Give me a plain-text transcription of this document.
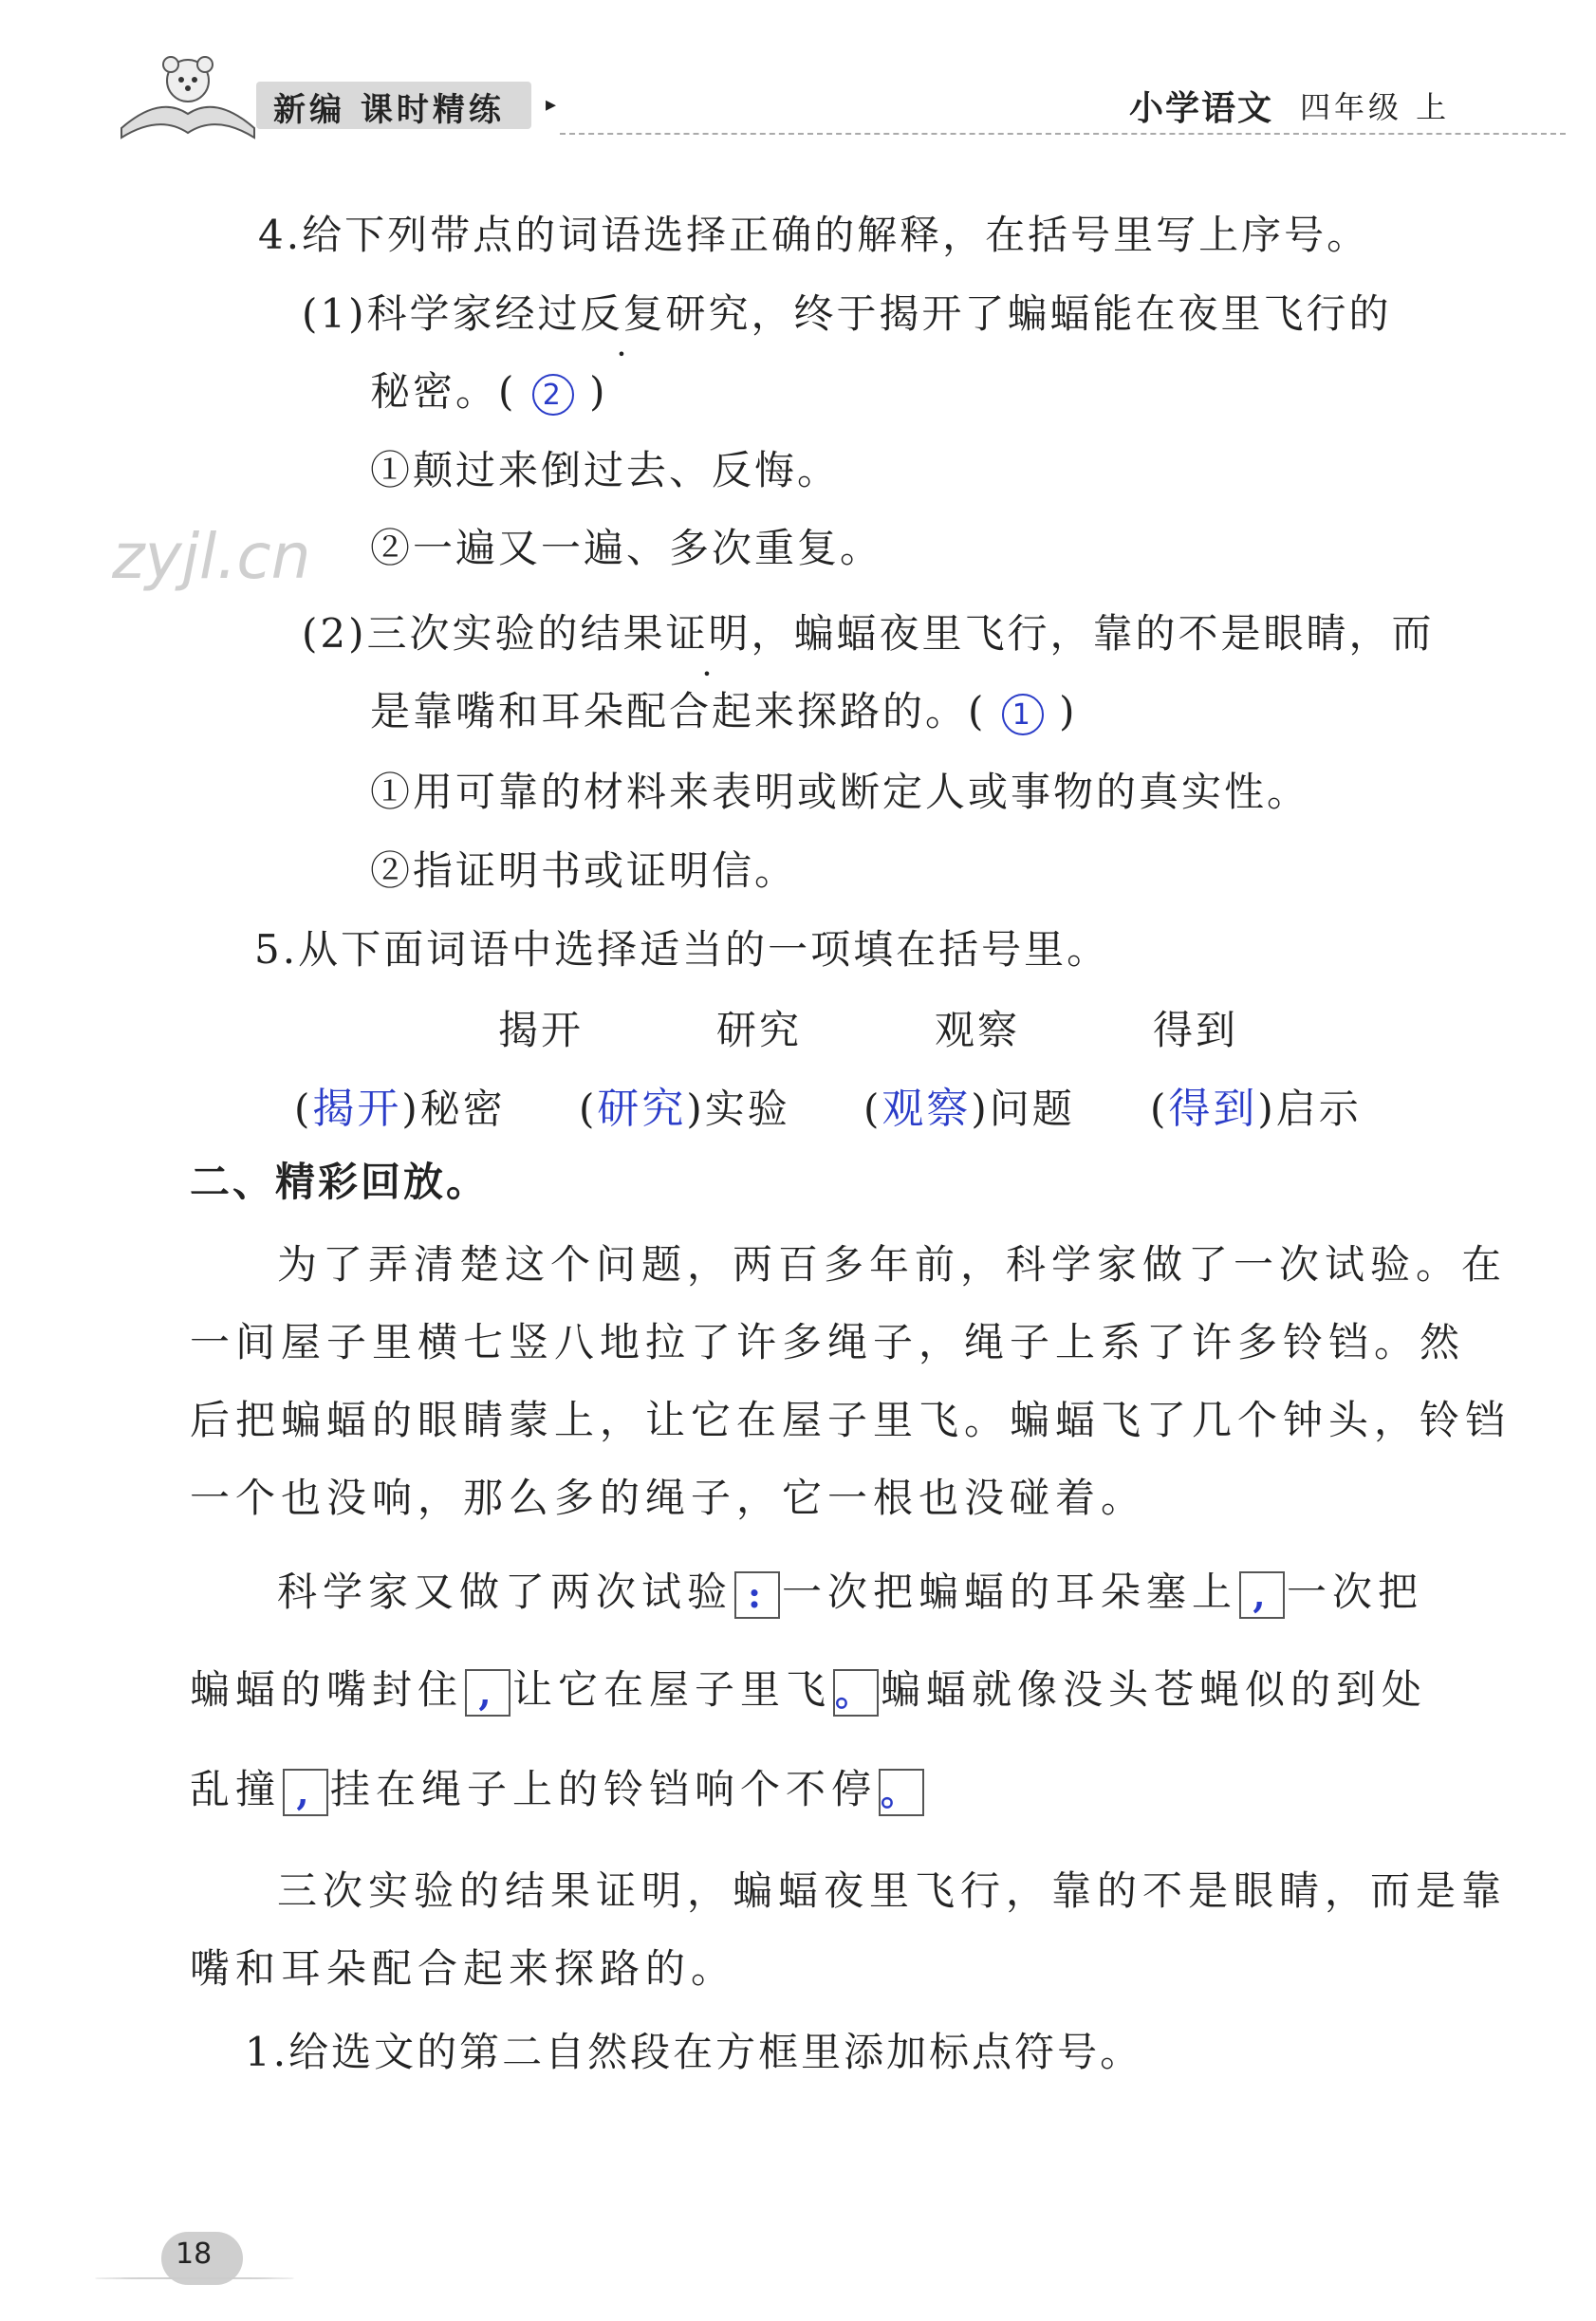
新编 课时精练 ▸	小学语文 四年级 上
zyjl.cn
4.给下列带点的词语选择正确的解释，在括号里写上序号。
(1)科学家经过反复研究，终于揭开了蝙蝠能在夜里飞行的
秘密。( 2 )
①颠过来倒过去、反悔。
②一遍又一遍、多次重复。
(2)三次实验的结果证明，蝙蝠夜里飞行，靠的不是眼睛，而
是靠嘴和耳朵配合起来探路的。( 1 )
①用可靠的材料来表明或断定人或事物的真实性。
②指证明书或证明信。
5.从下面词语中选择适当的一项填在括号里。
揭开	研究	观察	得到
(揭开)秘密 (研究)实验 (观察)问题 (得到)启示
二、精彩回放。
为了弄清楚这个问题，两百多年前，科学家做了一次试验。在
一间屋子里横七竖八地拉了许多绳子，绳子上系了许多铃铛。然
后把蝙蝠的眼睛蒙上，让它在屋子里飞。蝙蝠飞了几个钟头，铃铛
一个也没响，那么多的绳子，它一根也没碰着。
科学家又做了两次试验 : 一次把蝙蝠的耳朵塞上 , 一次把
蝙蝠的嘴封住 , 让它在屋子里飞 。蝙蝠就像没头苍蝇似的到处
乱撞 , 挂在绳子上的铃铛响个不停 。
三次实验的结果证明，蝙蝠夜里飞行，靠的不是眼睛，而是靠
嘴和耳朵配合起来探路的。
1.给选文的第二自然段在方框里添加标点符号。
18
